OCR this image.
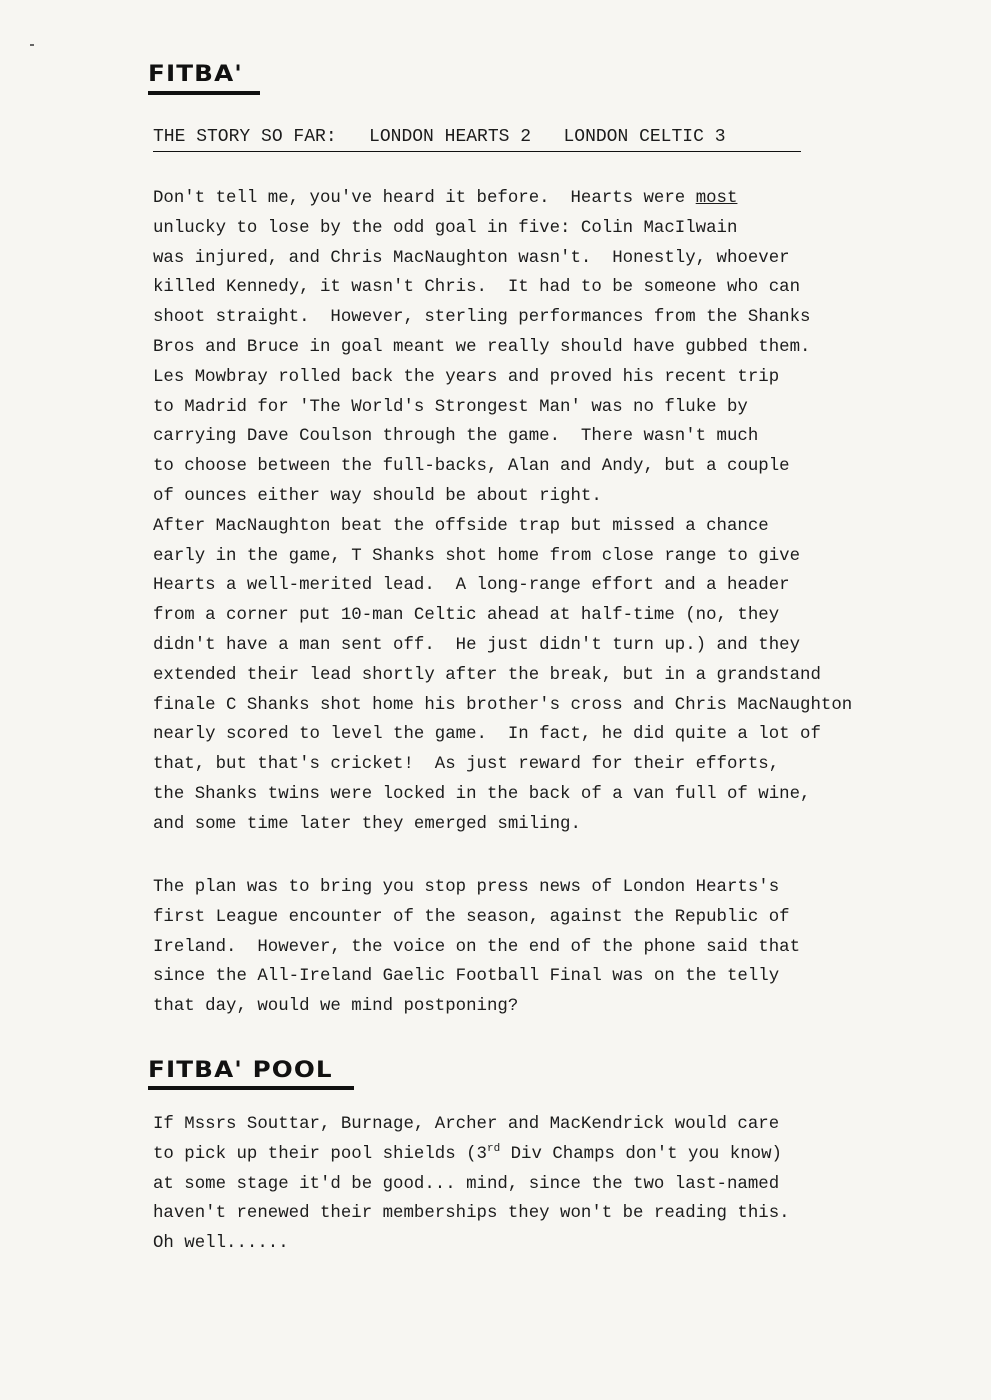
FITBA'
THE STORY SO FAR:   LONDON HEARTS 2   LONDON CELTIC 3
Don't tell me, you've heard it before.  Hearts were most
unlucky to lose by the odd goal in five: Colin MacIlwain
was injured, and Chris MacNaughton wasn't.  Honestly, whoever
killed Kennedy, it wasn't Chris.  It had to be someone who can
shoot straight.  However, sterling performances from the Shanks
Bros and Bruce in goal meant we really should have gubbed them.
Les Mowbray rolled back the years and proved his recent trip
to Madrid for 'The World's Strongest Man' was no fluke by
carrying Dave Coulson through the game.  There wasn't much
to choose between the full-backs, Alan and Andy, but a couple
of ounces either way should be about right.
After MacNaughton beat the offside trap but missed a chance
early in the game, T Shanks shot home from close range to give
Hearts a well-merited lead.  A long-range effort and a header
from a corner put 10-man Celtic ahead at half-time (no, they
didn't have a man sent off.  He just didn't turn up.) and they
extended their lead shortly after the break, but in a grandstand
finale C Shanks shot home his brother's cross and Chris MacNaughton
nearly scored to level the game.  In fact, he did quite a lot of
that, but that's cricket!  As just reward for their efforts,
the Shanks twins were locked in the back of a van full of wine,
and some time later they emerged smiling.
The plan was to bring you stop press news of London Hearts's
first League encounter of the season, against the Republic of
Ireland.  However, the voice on the end of the phone said that
since the All-Ireland Gaelic Football Final was on the telly
that day, would we mind postponing?
FITBA' POOL
If Mssrs Souttar, Burnage, Archer and MacKendrick would care
to pick up their pool shields (3rd Div Champs don't you know)
at some stage it'd be good... mind, since the two last-named
haven't renewed their memberships they won't be reading this.
Oh well......
